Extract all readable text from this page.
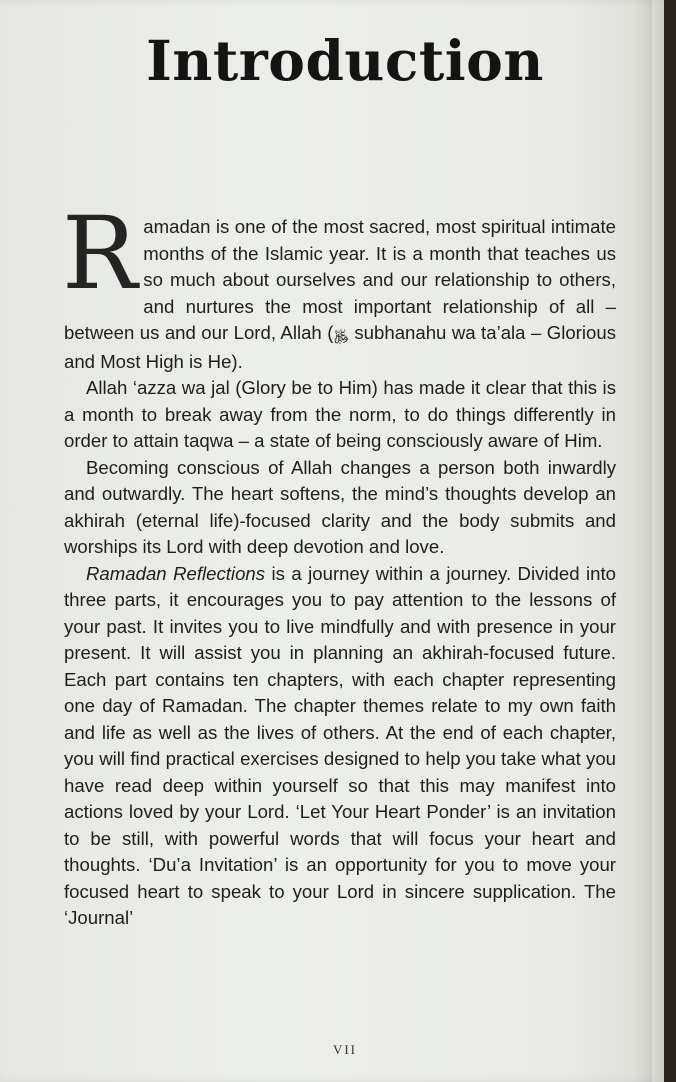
Introduction

Ramadan is one of the most sacred, most spiritual intimate months of the Islamic year. It is a month that teaches us so much about ourselves and our relationship to others, and nurtures the most important relationship of all – between us and our Lord, Allah (﷿ subhanahu wa ta’ala – Glorious and Most High is He).

Allah ‘azza wa jal (Glory be to Him) has made it clear that this is a month to break away from the norm, to do things differently in order to attain taqwa – a state of being consciously aware of Him.

Becoming conscious of Allah changes a person both inwardly and outwardly. The heart softens, the mind’s thoughts develop an akhirah (eternal life)-focused clarity and the body submits and worships its Lord with deep devotion and love.

Ramadan Reflections is a journey within a journey. Divided into three parts, it encourages you to pay attention to the lessons of your past. It invites you to live mindfully and with presence in your present. It will assist you in planning an akhirah-focused future. Each part contains ten chapters, with each chapter representing one day of Ramadan. The chapter themes relate to my own faith and life as well as the lives of others. At the end of each chapter, you will find practical exercises designed to help you take what you have read deep within yourself so that this may manifest into actions loved by your Lord. ‘Let Your Heart Ponder’ is an invitation to be still, with powerful words that will focus your heart and thoughts. ‘Du’a Invitation’ is an opportunity for you to move your focused heart to speak to your Lord in sincere supplication. The ‘Journal’

VII
